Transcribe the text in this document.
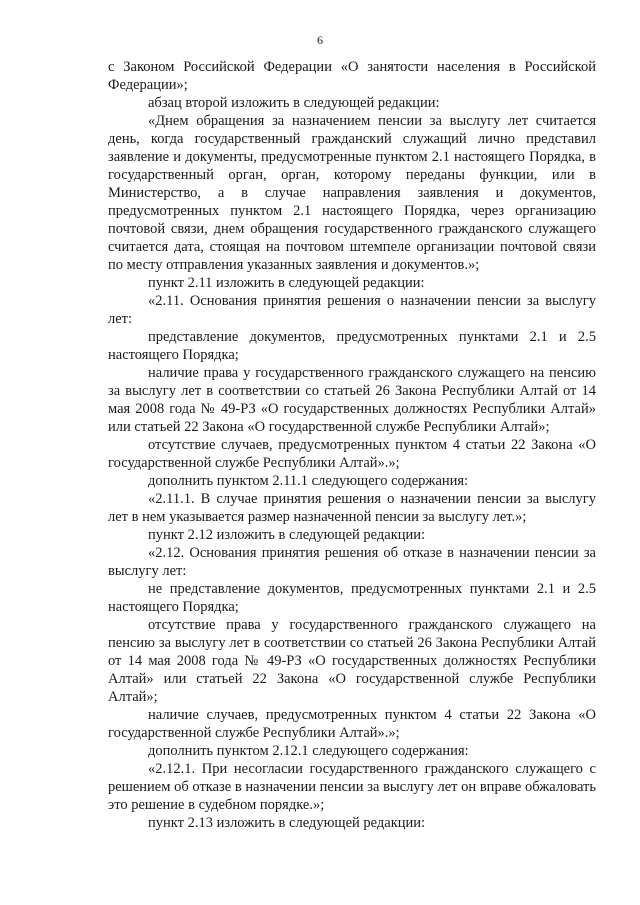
6

с Законом Российской Федерации «О занятости населения в Российской Федерации»;

абзац второй изложить в следующей редакции:

«Днем обращения за назначением пенсии за выслугу лет считается день, когда государственный гражданский служащий лично представил заявление и документы, предусмотренные пунктом 2.1 настоящего Порядка, в государственный орган, орган, которому переданы функции, или в Министерство, а в случае направления заявления и документов, предусмотренных пунктом 2.1 настоящего Порядка, через организацию почтовой связи, днем обращения государственного гражданского служащего считается дата, стоящая на почтовом штемпеле организации почтовой связи по месту отправления указанных заявления и документов.»;

пункт 2.11 изложить в следующей редакции:

«2.11. Основания принятия решения о назначении пенсии за выслугу лет:

представление документов, предусмотренных пунктами 2.1 и 2.5 настоящего Порядка;

наличие права у государственного гражданского служащего на пенсию за выслугу лет в соответствии со статьей 26 Закона Республики Алтай от 14 мая 2008 года № 49-РЗ «О государственных должностях Республики Алтай» или статьей 22 Закона «О государственной службе Республики Алтай»;

отсутствие случаев, предусмотренных пунктом 4 статьи 22 Закона «О государственной службе Республики Алтай».»;

дополнить пунктом 2.11.1 следующего содержания:

«2.11.1. В случае принятия решения о назначении пенсии за выслугу лет в нем указывается размер назначенной пенсии за выслугу лет.»;

пункт 2.12 изложить в следующей редакции:

«2.12. Основания принятия решения об отказе в назначении пенсии за выслугу лет:

не представление документов, предусмотренных пунктами 2.1 и 2.5 настоящего Порядка;

отсутствие права у государственного гражданского служащего на пенсию за выслугу лет в соответствии со статьей 26 Закона Республики Алтай от 14 мая 2008 года № 49-РЗ «О государственных должностях Республики Алтай» или статьей 22 Закона «О государственной службе Республики Алтай»;

наличие случаев, предусмотренных пунктом 4 статьи 22 Закона «О государственной службе Республики Алтай».»;

дополнить пунктом 2.12.1 следующего содержания:

«2.12.1. При несогласии государственного гражданского служащего с решением об отказе в назначении пенсии за выслугу лет он вправе обжаловать это решение в судебном порядке.»;

пункт 2.13 изложить в следующей редакции:
